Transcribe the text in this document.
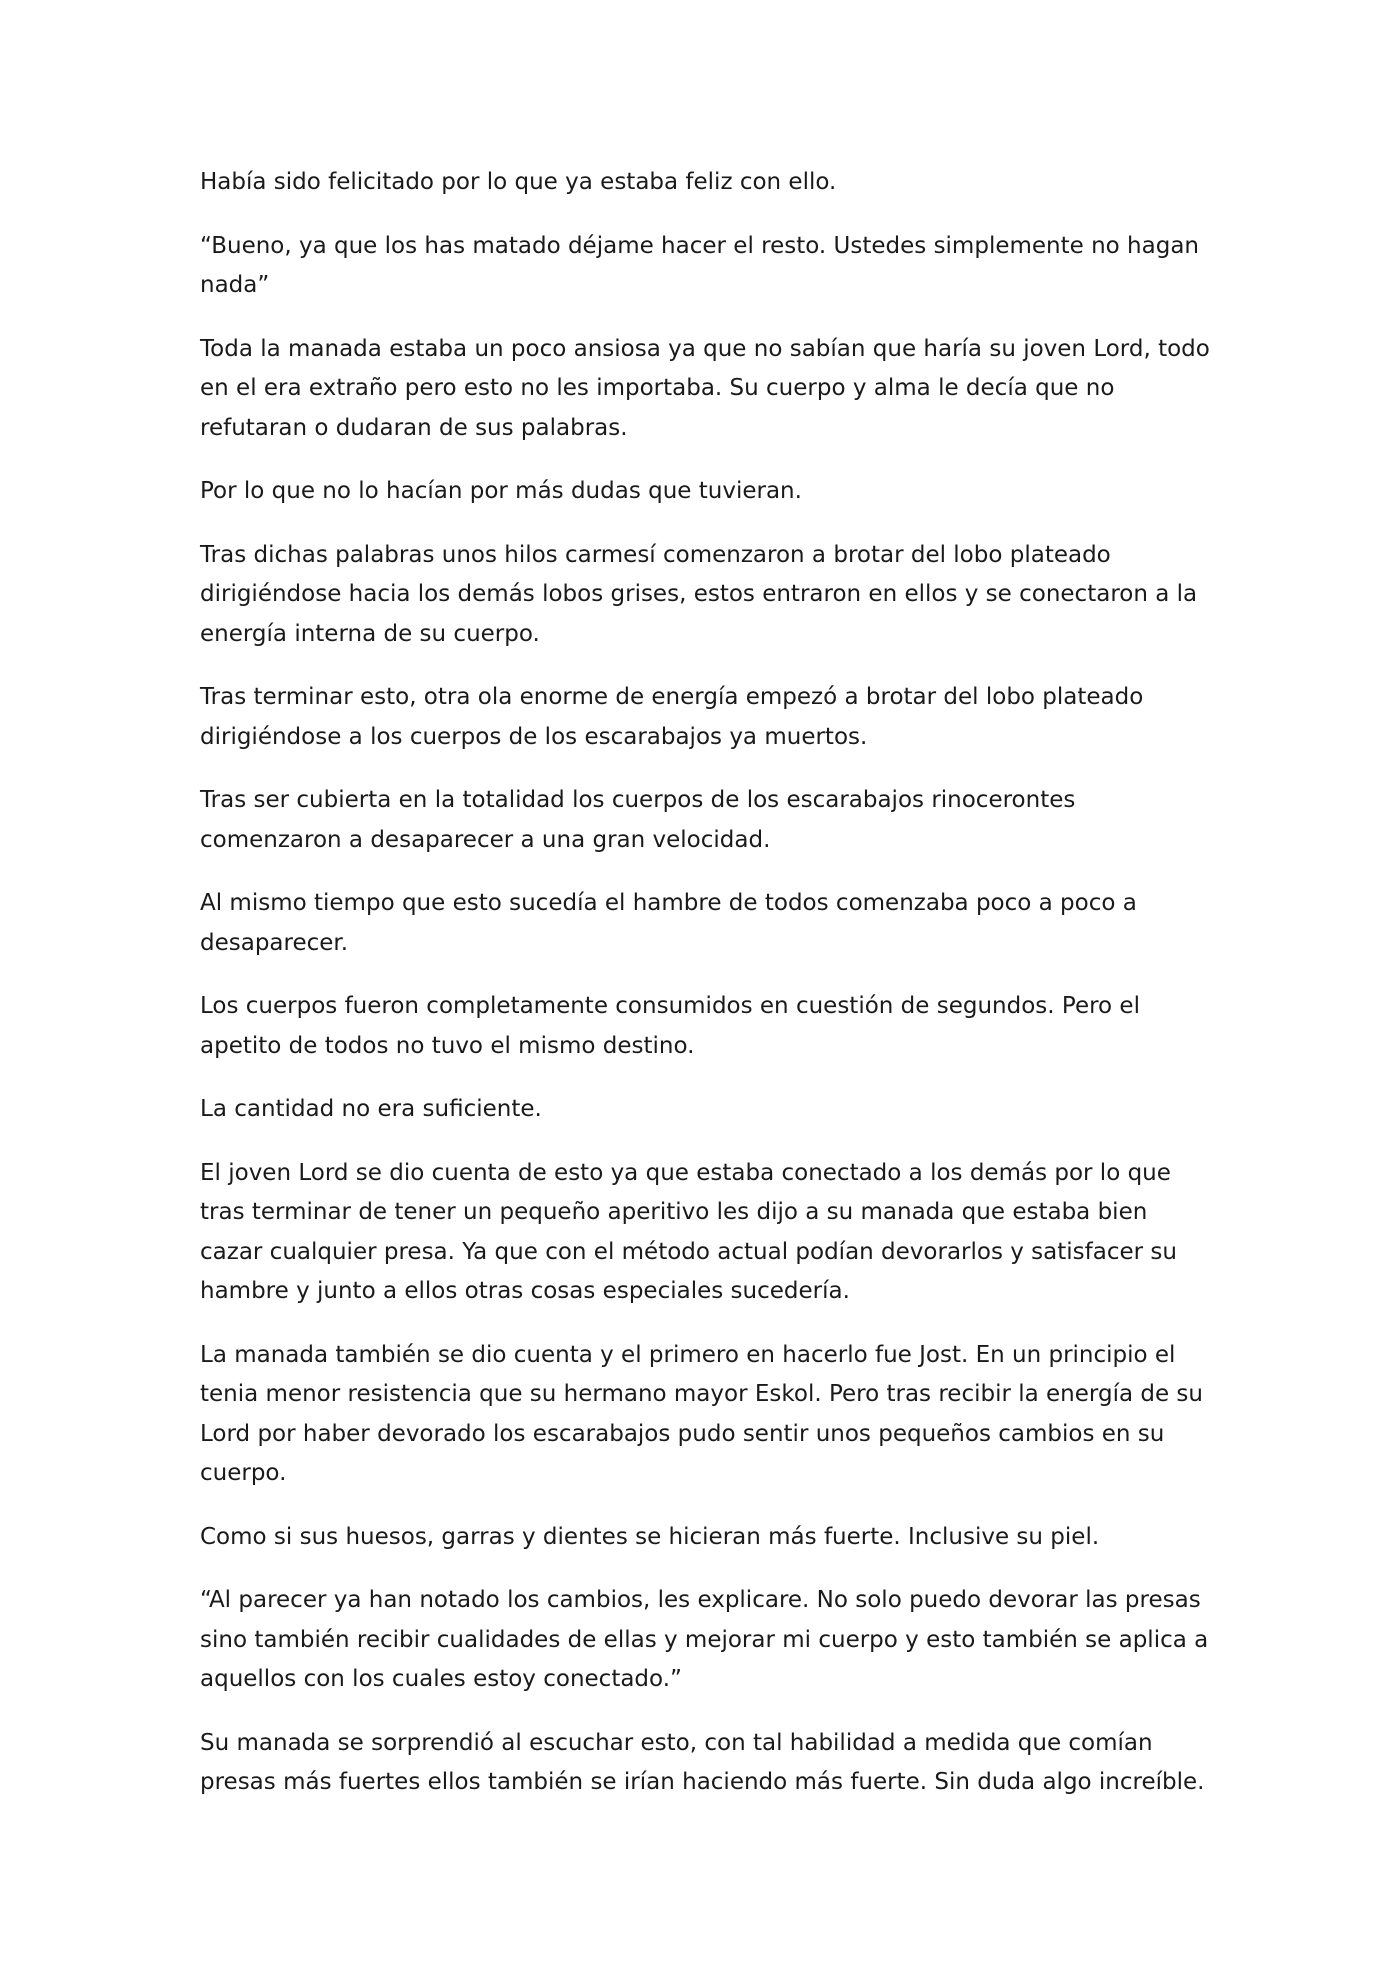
Había sido felicitado por lo que ya estaba feliz con ello.

“Bueno, ya que los has matado déjame hacer el resto. Ustedes simplemente no hagan
nada”

Toda la manada estaba un poco ansiosa ya que no sabían que haría su joven Lord, todo
en el era extraño pero esto no les importaba. Su cuerpo y alma le decía que no
refutaran o dudaran de sus palabras.

Por lo que no lo hacían por más dudas que tuvieran.

Tras dichas palabras unos hilos carmesí comenzaron a brotar del lobo plateado
dirigiéndose hacia los demás lobos grises, estos entraron en ellos y se conectaron a la
energía interna de su cuerpo.

Tras terminar esto, otra ola enorme de energía empezó a brotar del lobo plateado
dirigiéndose a los cuerpos de los escarabajos ya muertos.

Tras ser cubierta en la totalidad los cuerpos de los escarabajos rinocerontes
comenzaron a desaparecer a una gran velocidad.

Al mismo tiempo que esto sucedía el hambre de todos comenzaba poco a poco a
desaparecer.

Los cuerpos fueron completamente consumidos en cuestión de segundos. Pero el
apetito de todos no tuvo el mismo destino.

La cantidad no era suficiente.

El joven Lord se dio cuenta de esto ya que estaba conectado a los demás por lo que
tras terminar de tener un pequeño aperitivo les dijo a su manada que estaba bien
cazar cualquier presa. Ya que con el método actual podían devorarlos y satisfacer su
hambre y junto a ellos otras cosas especiales sucedería.

La manada también se dio cuenta y el primero en hacerlo fue Jost. En un principio el
tenia menor resistencia que su hermano mayor Eskol. Pero tras recibir la energía de su
Lord por haber devorado los escarabajos pudo sentir unos pequeños cambios en su
cuerpo.

Como si sus huesos, garras y dientes se hicieran más fuerte. Inclusive su piel.

“Al parecer ya han notado los cambios, les explicare. No solo puedo devorar las presas
sino también recibir cualidades de ellas y mejorar mi cuerpo y esto también se aplica a
aquellos con los cuales estoy conectado.”

Su manada se sorprendió al escuchar esto, con tal habilidad a medida que comían
presas más fuertes ellos también se irían haciendo más fuerte. Sin duda algo increíble.
